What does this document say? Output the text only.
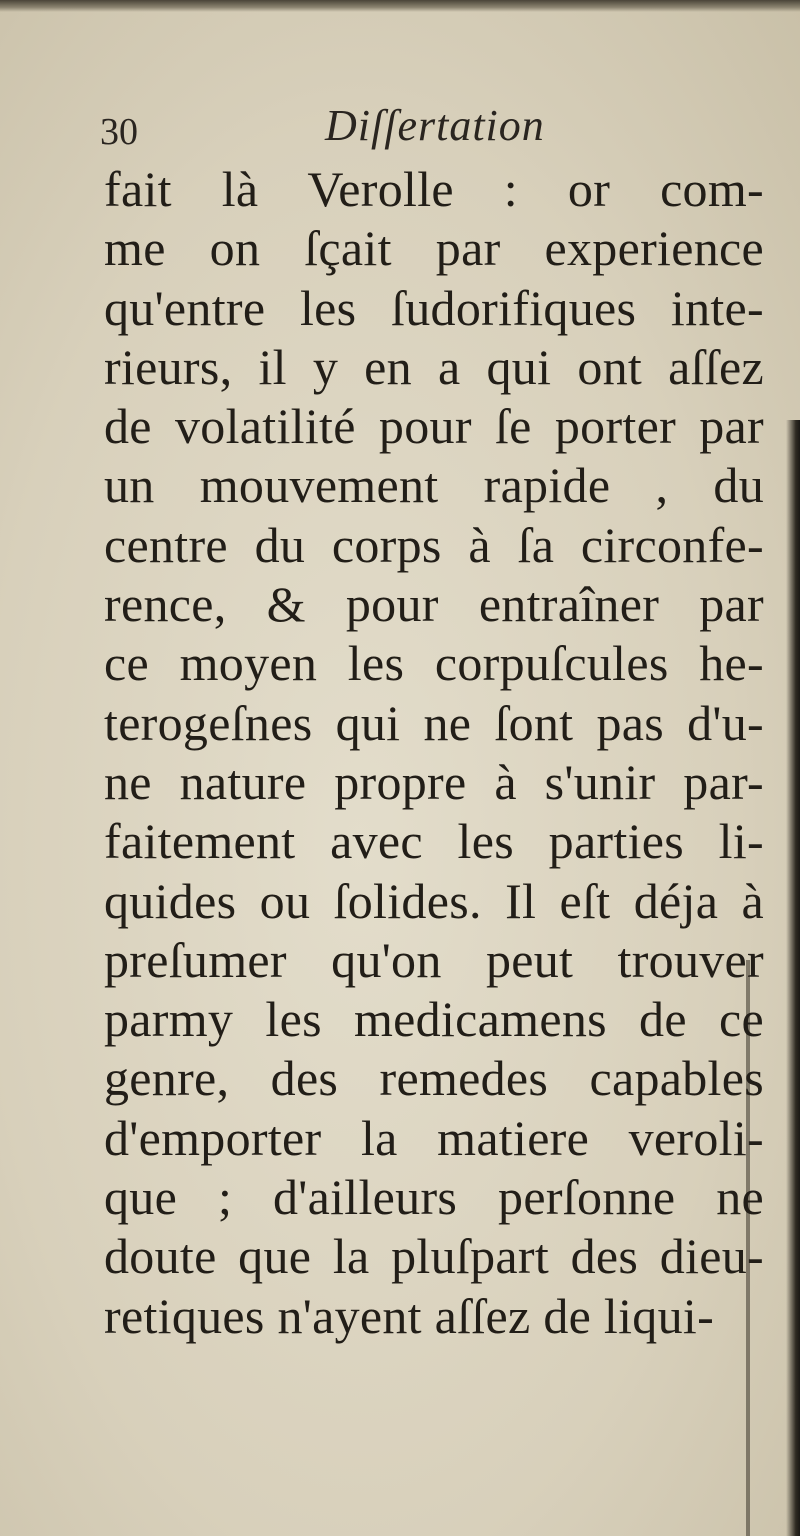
30	Diſſertation
fait là Verolle : or com-
me on ſçait par experience
qu'entre les ſudorifiques inte-
rieurs, il y en a qui ont aſſez
de volatilité pour ſe porter par
un mouvement rapide , du
centre du corps à ſa circonfe-
rence, & pour entraîner par
ce moyen les corpuſcules he-
terogeſnes qui ne ſont pas d'u-
ne nature propre à s'unir par-
faitement avec les parties li-
quides ou ſolides. Il eſt déja à
preſumer qu'on peut trouver
parmy les medicamens de ce
genre, des remedes capables
d'emporter la matiere veroli-
que ; d'ailleurs perſonne ne
doute que la pluſpart des dieu-
retiques n'ayent aſſez de liqui-
